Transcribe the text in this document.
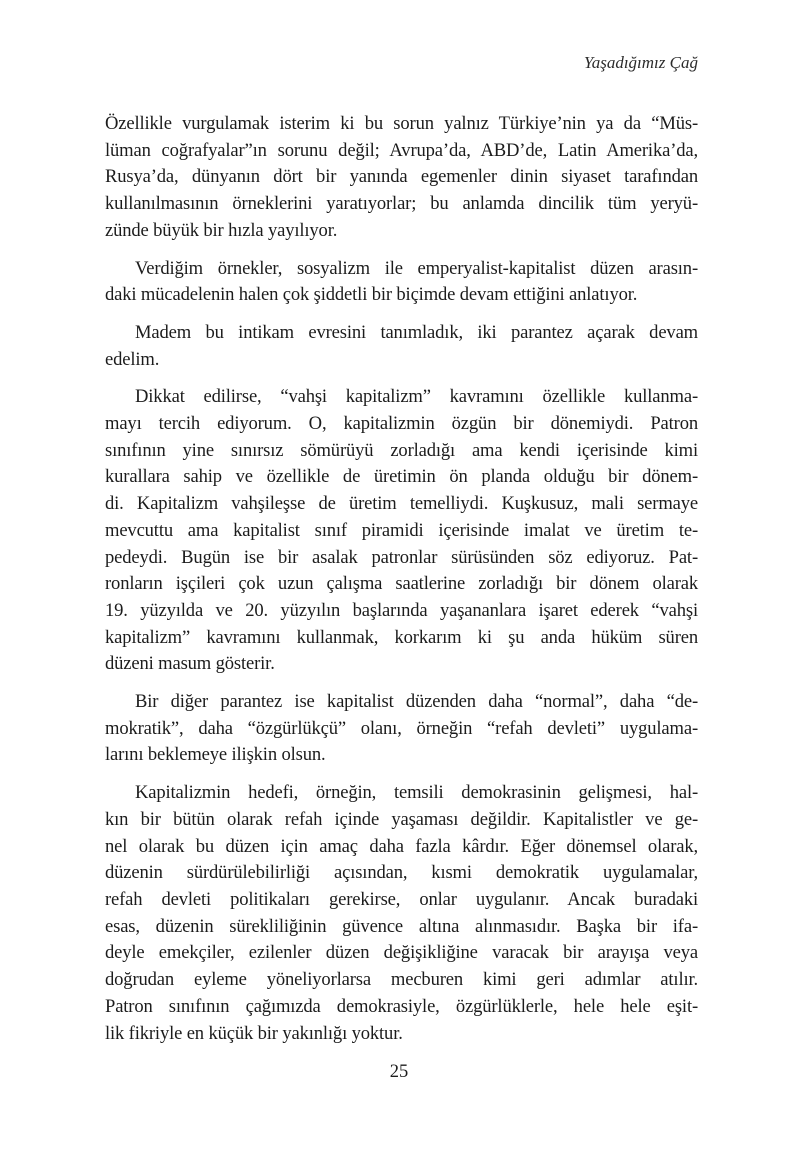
Yaşadığımız Çağ

Özellikle vurgulamak isterim ki bu sorun yalnız Türkiye’nin ya da “Müs-
lüman coğrafyalar”ın sorunu değil; Avrupa’da, ABD’de, Latin Amerika’da,
Rusya’da, dünyanın dört bir yanında egemenler dinin siyaset tarafından
kullanılmasının örneklerini yaratıyorlar; bu anlamda dincilik tüm yeryü-
zünde büyük bir hızla yayılıyor.

Verdiğim örnekler, sosyalizm ile emperyalist-kapitalist düzen arasın-
daki mücadelenin halen çok şiddetli bir biçimde devam ettiğini anlatıyor.

Madem bu intikam evresini tanımladık, iki parantez açarak devam
edelim.

Dikkat edilirse, “vahşi kapitalizm” kavramını özellikle kullanma-
mayı tercih ediyorum. O, kapitalizmin özgün bir dönemiydi. Patron
sınıfının yine sınırsız sömürüyü zorladığı ama kendi içerisinde kimi
kurallara sahip ve özellikle de üretimin ön planda olduğu bir dönem-
di. Kapitalizm vahşileşse de üretim temelliydi. Kuşkusuz, mali sermaye
mevcuttu ama kapitalist sınıf piramidi içerisinde imalat ve üretim te-
pedeydi. Bugün ise bir asalak patronlar sürüsünden söz ediyoruz. Pat-
ronların işçileri çok uzun çalışma saatlerine zorladığı bir dönem olarak
19. yüzyılda ve 20. yüzyılın başlarında yaşananlara işaret ederek “vahşi
kapitalizm” kavramını kullanmak, korkarım ki şu anda hüküm süren
düzeni masum gösterir.

Bir diğer parantez ise kapitalist düzenden daha “normal”, daha “de-
mokratik”, daha “özgürlükçü” olanı, örneğin “refah devleti” uygulama-
larını beklemeye ilişkin olsun.

Kapitalizmin hedefi, örneğin, temsili demokrasinin gelişmesi, hal-
kın bir bütün olarak refah içinde yaşaması değildir. Kapitalistler ve ge-
nel olarak bu düzen için amaç daha fazla kârdır. Eğer dönemsel olarak,
düzenin sürdürülebilirliği açısından, kısmi demokratik uygulamalar,
refah devleti politikaları gerekirse, onlar uygulanır. Ancak buradaki
esas, düzenin sürekliliğinin güvence altına alınmasıdır. Başka bir ifa-
deyle emekçiler, ezilenler düzen değişikliğine varacak bir arayışa veya
doğrudan eyleme yöneliyorlarsa mecburen kimi geri adımlar atılır.
Patron sınıfının çağımızda demokrasiyle, özgürlüklerle, hele hele eşit-
lik fikriyle en küçük bir yakınlığı yoktur.

25
